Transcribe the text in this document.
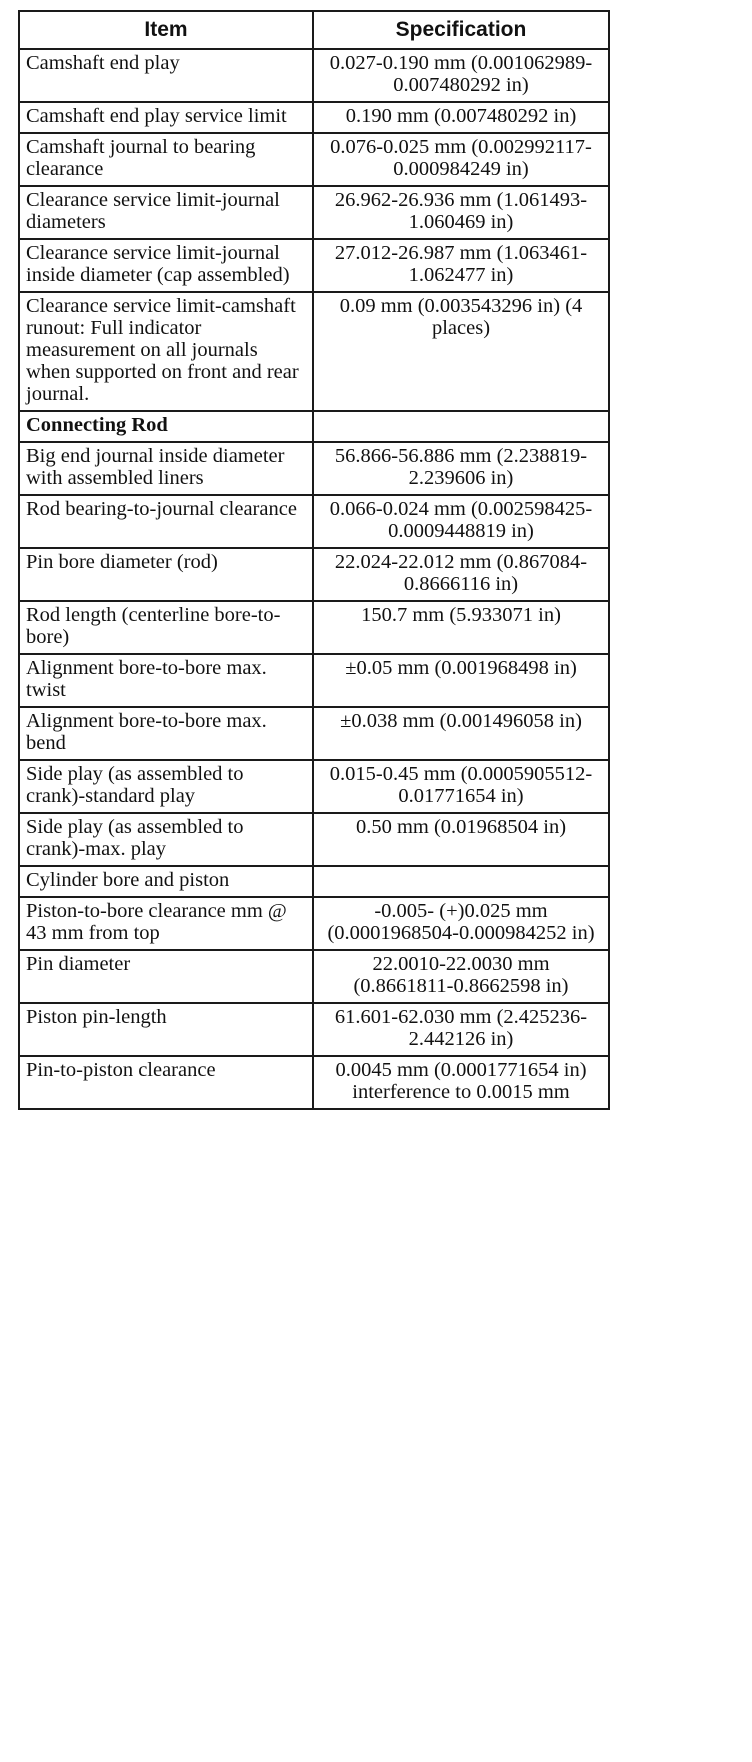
Item	Specification
Camshaft end play	0.027-0.190 mm (0.001062989-0.007480292 in)
Camshaft end play service limit	0.190 mm (0.007480292 in)
Camshaft journal to bearing clearance	0.076-0.025 mm (0.002992117-0.000984249 in)
Clearance service limit-journal diameters	26.962-26.936 mm (1.061493-1.060469 in)
Clearance service limit-journal inside diameter (cap assembled)	27.012-26.987 mm (1.063461-1.062477 in)
Clearance service limit-camshaft runout: Full indicator measurement on all journals when supported on front and rear journal.	0.09 mm (0.003543296 in) (4 places)
Connecting Rod	
Big end journal inside diameter with assembled liners	56.866-56.886 mm (2.238819-2.239606 in)
Rod bearing-to-journal clearance	0.066-0.024 mm (0.002598425-0.0009448819 in)
Pin bore diameter (rod)	22.024-22.012 mm (0.867084-0.8666116 in)
Rod length (centerline bore-to-bore)	150.7 mm (5.933071 in)
Alignment bore-to-bore max. twist	±0.05 mm (0.001968498 in)
Alignment bore-to-bore max. bend	±0.038 mm (0.001496058 in)
Side play (as assembled to crank)-standard play	0.015-0.45 mm (0.0005905512-0.01771654 in)
Side play (as assembled to crank)-max. play	0.50 mm (0.01968504 in)
Cylinder bore and piston	
Piston-to-bore clearance mm @ 43 mm from top	-0.005- (+)0.025 mm (0.0001968504-0.000984252 in)
Pin diameter	22.0010-22.0030 mm (0.8661811-0.8662598 in)
Piston pin-length	61.601-62.030 mm (2.425236-2.442126 in)
Pin-to-piston clearance	0.0045 mm (0.0001771654 in) interference to 0.0015 mm
